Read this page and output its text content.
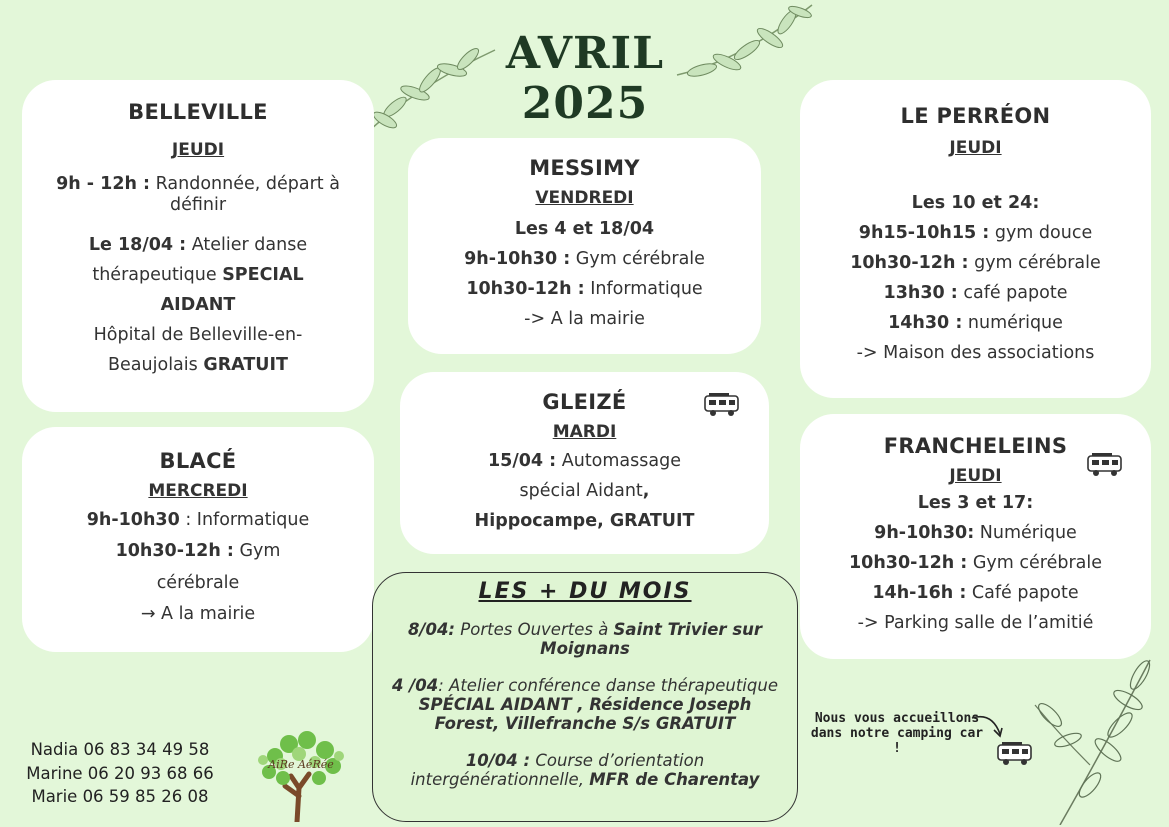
AVRIL
2025
BELLEVILLE
JEUDI
9h - 12h : Randonnée, départ à définir
Le 18/04 : Atelier danse thérapeutique SPECIAL AIDANT
Hôpital de Belleville-en-Beaujolais GRATUIT
BLACÉ
MERCREDI
9h-10h30 : Informatique
10h30-12h : Gym cérébrale
→ A la mairie
MESSIMY
VENDREDI
Les 4 et 18/04
9h-10h30 : Gym cérébrale
10h30-12h : Informatique
-> A la mairie
GLEIZÉ
MARDI
15/04 : Automassage
spécial Aidant,
Hippocampe, GRATUIT
LE PERRÉON
JEUDI
Les 10 et 24:
9h15-10h15 : gym douce
10h30-12h : gym cérébrale
13h30 : café papote
14h30 : numérique
-> Maison des associations
FRANCHELEINS
JEUDI
Les 3 et 17:
9h-10h30: Numérique
10h30-12h : Gym cérébrale
14h-16h : Café papote
-> Parking salle de l’amitié
LES + DU MOIS
8/04: Portes Ouvertes à Saint Trivier sur Moignans
4 /04: Atelier conférence danse thérapeutique SPÉCIAL AIDANT , Résidence Joseph Forest, Villefranche S/s GRATUIT
10/04 : Course d’orientation intergénérationnelle, MFR de Charentay
Nadia 06 83 34 49 58
Marine 06 20 93 68 66
Marie 06 59 85 26 08
AiRe AéRée
Nous vous accueillons dans notre camping car !
